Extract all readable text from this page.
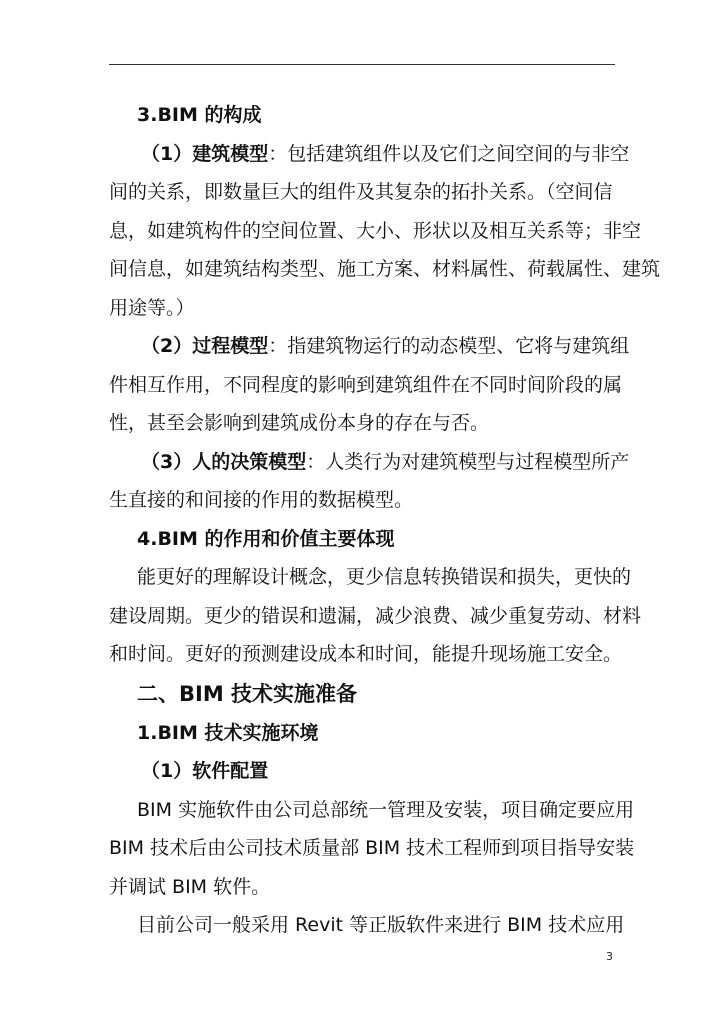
3.BIM 的构成
（1）建筑模型：包括建筑组件以及它们之间空间的与非空
间的关系，即数量巨大的组件及其复杂的拓扑关系。（空间信
息，如建筑构件的空间位置、大小、形状以及相互关系等；非空
间信息，如建筑结构类型、施工方案、材料属性、荷载属性、建筑
用途等。）
（2）过程模型：指建筑物运行的动态模型、它将与建筑组
件相互作用，不同程度的影响到建筑组件在不同时间阶段的属
性，甚至会影响到建筑成份本身的存在与否。
（3）人的决策模型：人类行为对建筑模型与过程模型所产
生直接的和间接的作用的数据模型。
4.BIM 的作用和价值主要体现
能更好的理解设计概念，更少信息转换错误和损失，更快的
建设周期。更少的错误和遗漏，减少浪费、减少重复劳动、材料
和时间。更好的预测建设成本和时间，能提升现场施工安全。
二、BIM 技术实施准备
1.BIM 技术实施环境
（1）软件配置
BIM 实施软件由公司总部统一管理及安装，项目确定要应用
BIM 技术后由公司技术质量部 BIM 技术工程师到项目指导安装
并调试 BIM 软件。
目前公司一般采用 Revit 等正版软件来进行 BIM 技术应用
3
